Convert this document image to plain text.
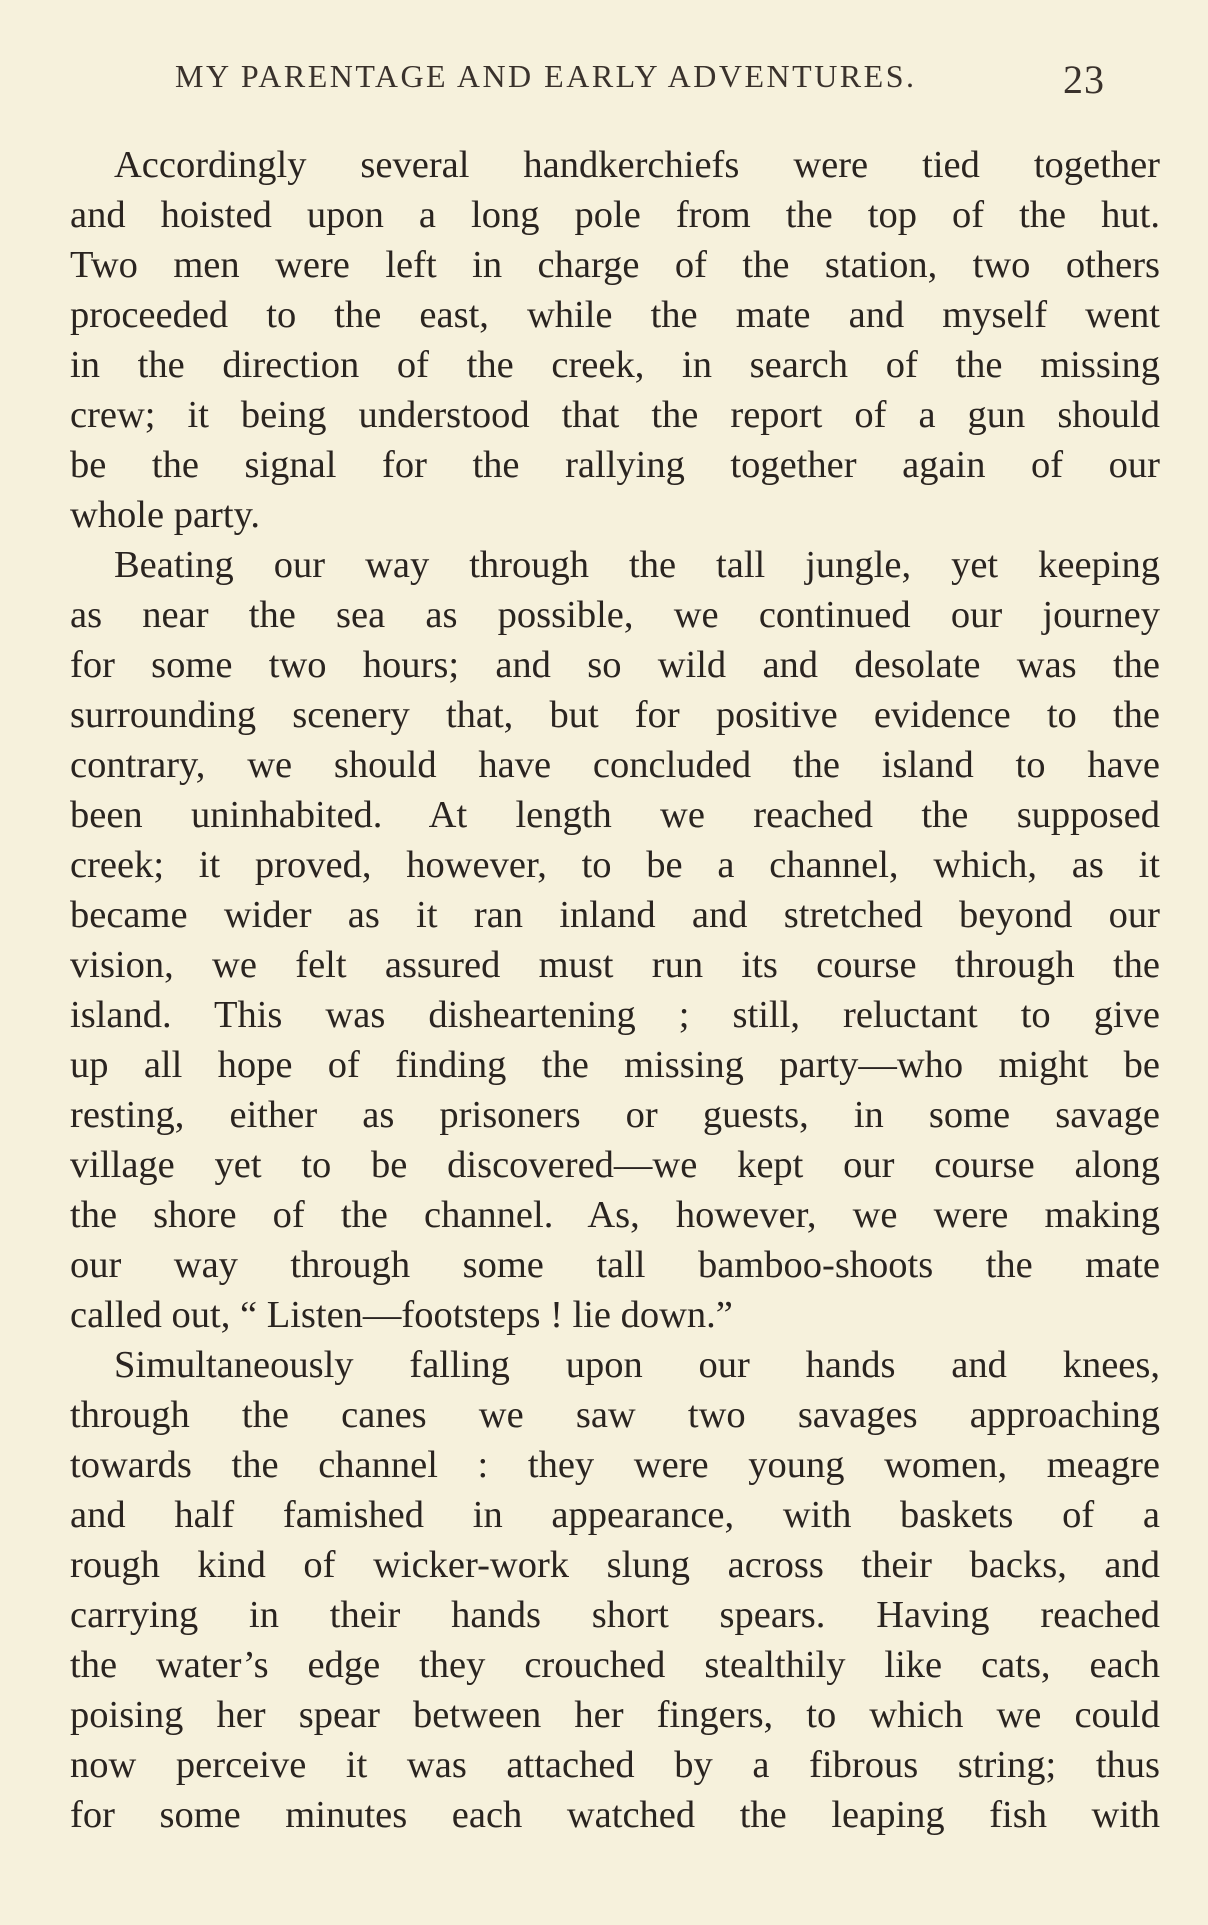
MY PARENTAGE AND EARLY ADVENTURES.	23
Accordingly several handkerchiefs were tied together
and hoisted upon a long pole from the top of the hut.
Two men were left in charge of the station, two others
proceeded to the east, while the mate and myself went
in the direction of the creek, in search of the missing
crew; it being understood that the report of a gun should
be the signal for the rallying together again of our
whole party.
Beating our way through the tall jungle, yet keeping
as near the sea as possible, we continued our journey
for some two hours; and so wild and desolate was the
surrounding scenery that, but for positive evidence to the
contrary, we should have concluded the island to have
been uninhabited. At length we reached the supposed
creek; it proved, however, to be a channel, which, as it
became wider as it ran inland and stretched beyond our
vision, we felt assured must run its course through the
island. This was disheartening ; still, reluctant to give
up all hope of finding the missing party—who might be
resting, either as prisoners or guests, in some savage
village yet to be discovered—we kept our course along
the shore of the channel. As, however, we were making
our way through some tall bamboo-shoots the mate
called out, “ Listen—footsteps ! lie down.”
Simultaneously falling upon our hands and knees,
through the canes we saw two savages approaching
towards the channel : they were young women, meagre
and half famished in appearance, with baskets of a
rough kind of wicker-work slung across their backs, and
carrying in their hands short spears. Having reached
the water’s edge they crouched stealthily like cats, each
poising her spear between her fingers, to which we could
now perceive it was attached by a fibrous string; thus
for some minutes each watched the leaping fish with
